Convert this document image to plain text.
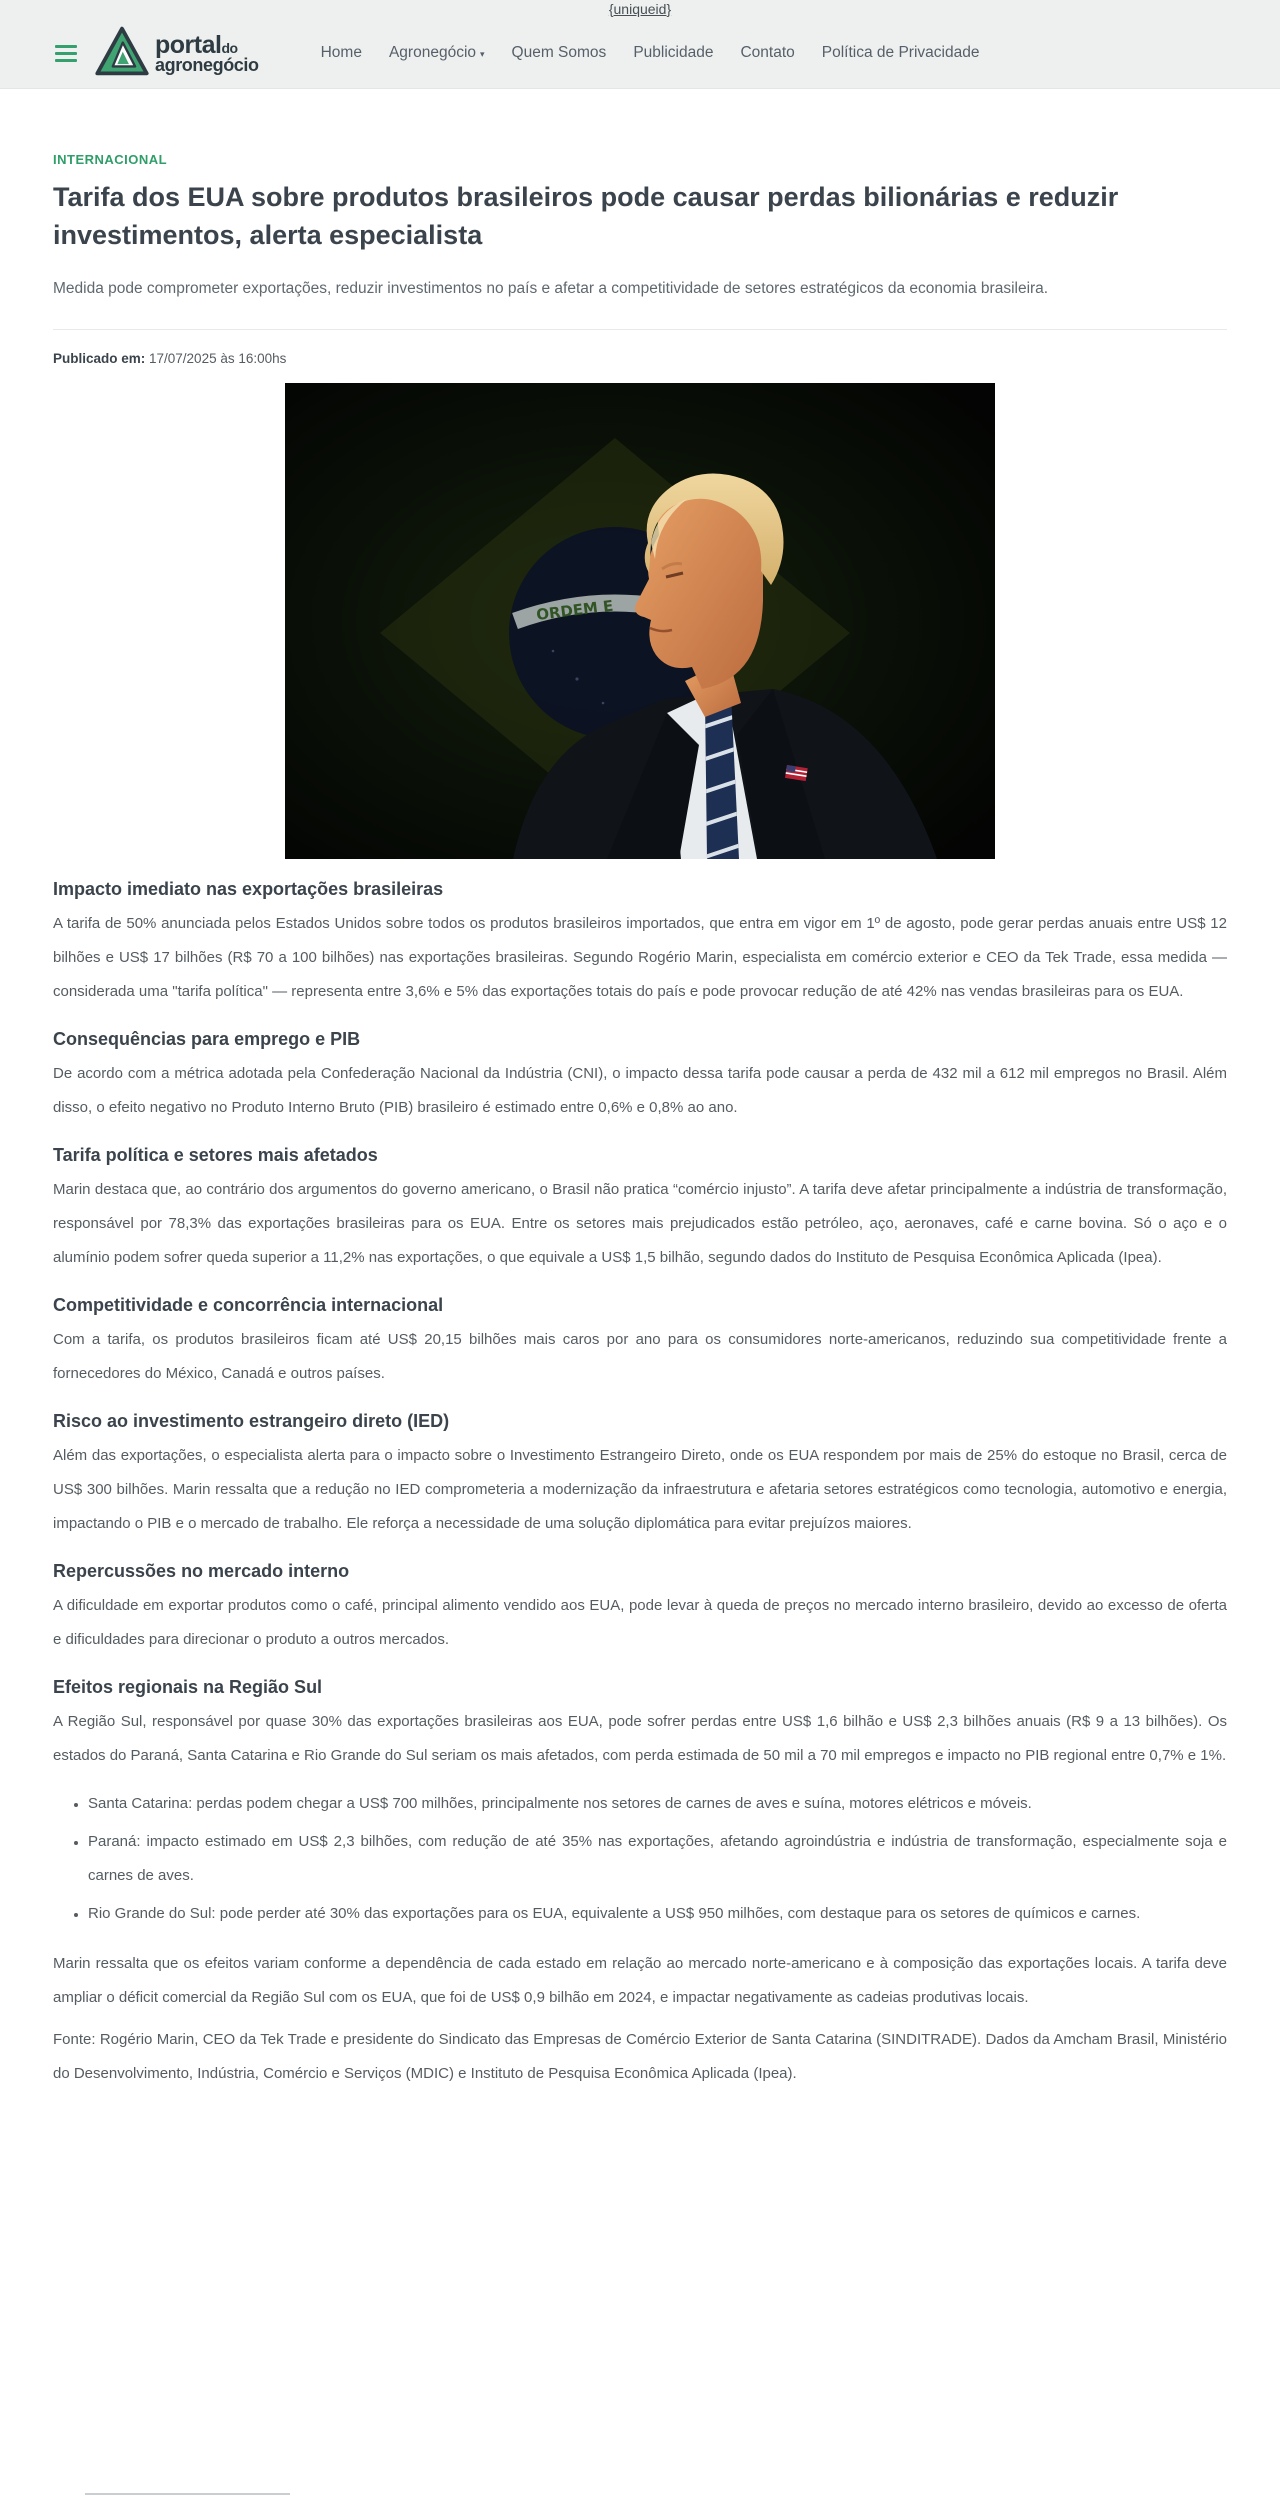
{uniqueid}
portaldo
agronegócio
Home Agronegócio ▾ Quem Somos Publicidade Contato Política de Privacidade
INTERNACIONAL
Tarifa dos EUA sobre produtos brasileiros pode causar perdas bilionárias e reduzir investimentos, alerta especialista

Medida pode comprometer exportações, reduzir investimentos no país e afetar a competitividade de setores estratégicos da economia brasileira.

Publicado em: 17/07/2025 às 16:00hs

ORDEM E
Impacto imediato nas exportações brasileiras

A tarifa de 50% anunciada pelos Estados Unidos sobre todos os produtos brasileiros importados, que entra em vigor em 1º de agosto, pode gerar perdas anuais entre US$ 12 bilhões e US$ 17 bilhões (R$ 70 a 100 bilhões) nas exportações brasileiras. Segundo Rogério Marin, especialista em comércio exterior e CEO da Tek Trade, essa medida — considerada uma "tarifa política" — representa entre 3,6% e 5% das exportações totais do país e pode provocar redução de até 42% nas vendas brasileiras para os EUA.

Consequências para emprego e PIB

De acordo com a métrica adotada pela Confederação Nacional da Indústria (CNI), o impacto dessa tarifa pode causar a perda de 432 mil a 612 mil empregos no Brasil. Além disso, o efeito negativo no Produto Interno Bruto (PIB) brasileiro é estimado entre 0,6% e 0,8% ao ano.

Tarifa política e setores mais afetados

Marin destaca que, ao contrário dos argumentos do governo americano, o Brasil não pratica “comércio injusto”. A tarifa deve afetar principalmente a indústria de transformação, responsável por 78,3% das exportações brasileiras para os EUA. Entre os setores mais prejudicados estão petróleo, aço, aeronaves, café e carne bovina. Só o aço e o alumínio podem sofrer queda superior a 11,2% nas exportações, o que equivale a US$ 1,5 bilhão, segundo dados do Instituto de Pesquisa Econômica Aplicada (Ipea).

Competitividade e concorrência internacional

Com a tarifa, os produtos brasileiros ficam até US$ 20,15 bilhões mais caros por ano para os consumidores norte-americanos, reduzindo sua competitividade frente a fornecedores do México, Canadá e outros países.

Risco ao investimento estrangeiro direto (IED)

Além das exportações, o especialista alerta para o impacto sobre o Investimento Estrangeiro Direto, onde os EUA respondem por mais de 25% do estoque no Brasil, cerca de US$ 300 bilhões. Marin ressalta que a redução no IED comprometeria a modernização da infraestrutura e afetaria setores estratégicos como tecnologia, automotivo e energia, impactando o PIB e o mercado de trabalho. Ele reforça a necessidade de uma solução diplomática para evitar prejuízos maiores.

Repercussões no mercado interno

A dificuldade em exportar produtos como o café, principal alimento vendido aos EUA, pode levar à queda de preços no mercado interno brasileiro, devido ao excesso de oferta e dificuldades para direcionar o produto a outros mercados.

Efeitos regionais na Região Sul

A Região Sul, responsável por quase 30% das exportações brasileiras aos EUA, pode sofrer perdas entre US$ 1,6 bilhão e US$ 2,3 bilhões anuais (R$ 9 a 13 bilhões). Os estados do Paraná, Santa Catarina e Rio Grande do Sul seriam os mais afetados, com perda estimada de 50 mil a 70 mil empregos e impacto no PIB regional entre 0,7% e 1%.

• Santa Catarina: perdas podem chegar a US$ 700 milhões, principalmente nos setores de carnes de aves e suína, motores elétricos e móveis.
• Paraná: impacto estimado em US$ 2,3 bilhões, com redução de até 35% nas exportações, afetando agroindústria e indústria de transformação, especialmente soja e carnes de aves.
• Rio Grande do Sul: pode perder até 30% das exportações para os EUA, equivalente a US$ 950 milhões, com destaque para os setores de químicos e carnes.

Marin ressalta que os efeitos variam conforme a dependência de cada estado em relação ao mercado norte-americano e à composição das exportações locais. A tarifa deve ampliar o déficit comercial da Região Sul com os EUA, que foi de US$ 0,9 bilhão em 2024, e impactar negativamente as cadeias produtivas locais.

Fonte: Rogério Marin, CEO da Tek Trade e presidente do Sindicato das Empresas de Comércio Exterior de Santa Catarina (SINDITRADE). Dados da Amcham Brasil, Ministério do Desenvolvimento, Indústria, Comércio e Serviços (MDIC) e Instituto de Pesquisa Econômica Aplicada (Ipea).
